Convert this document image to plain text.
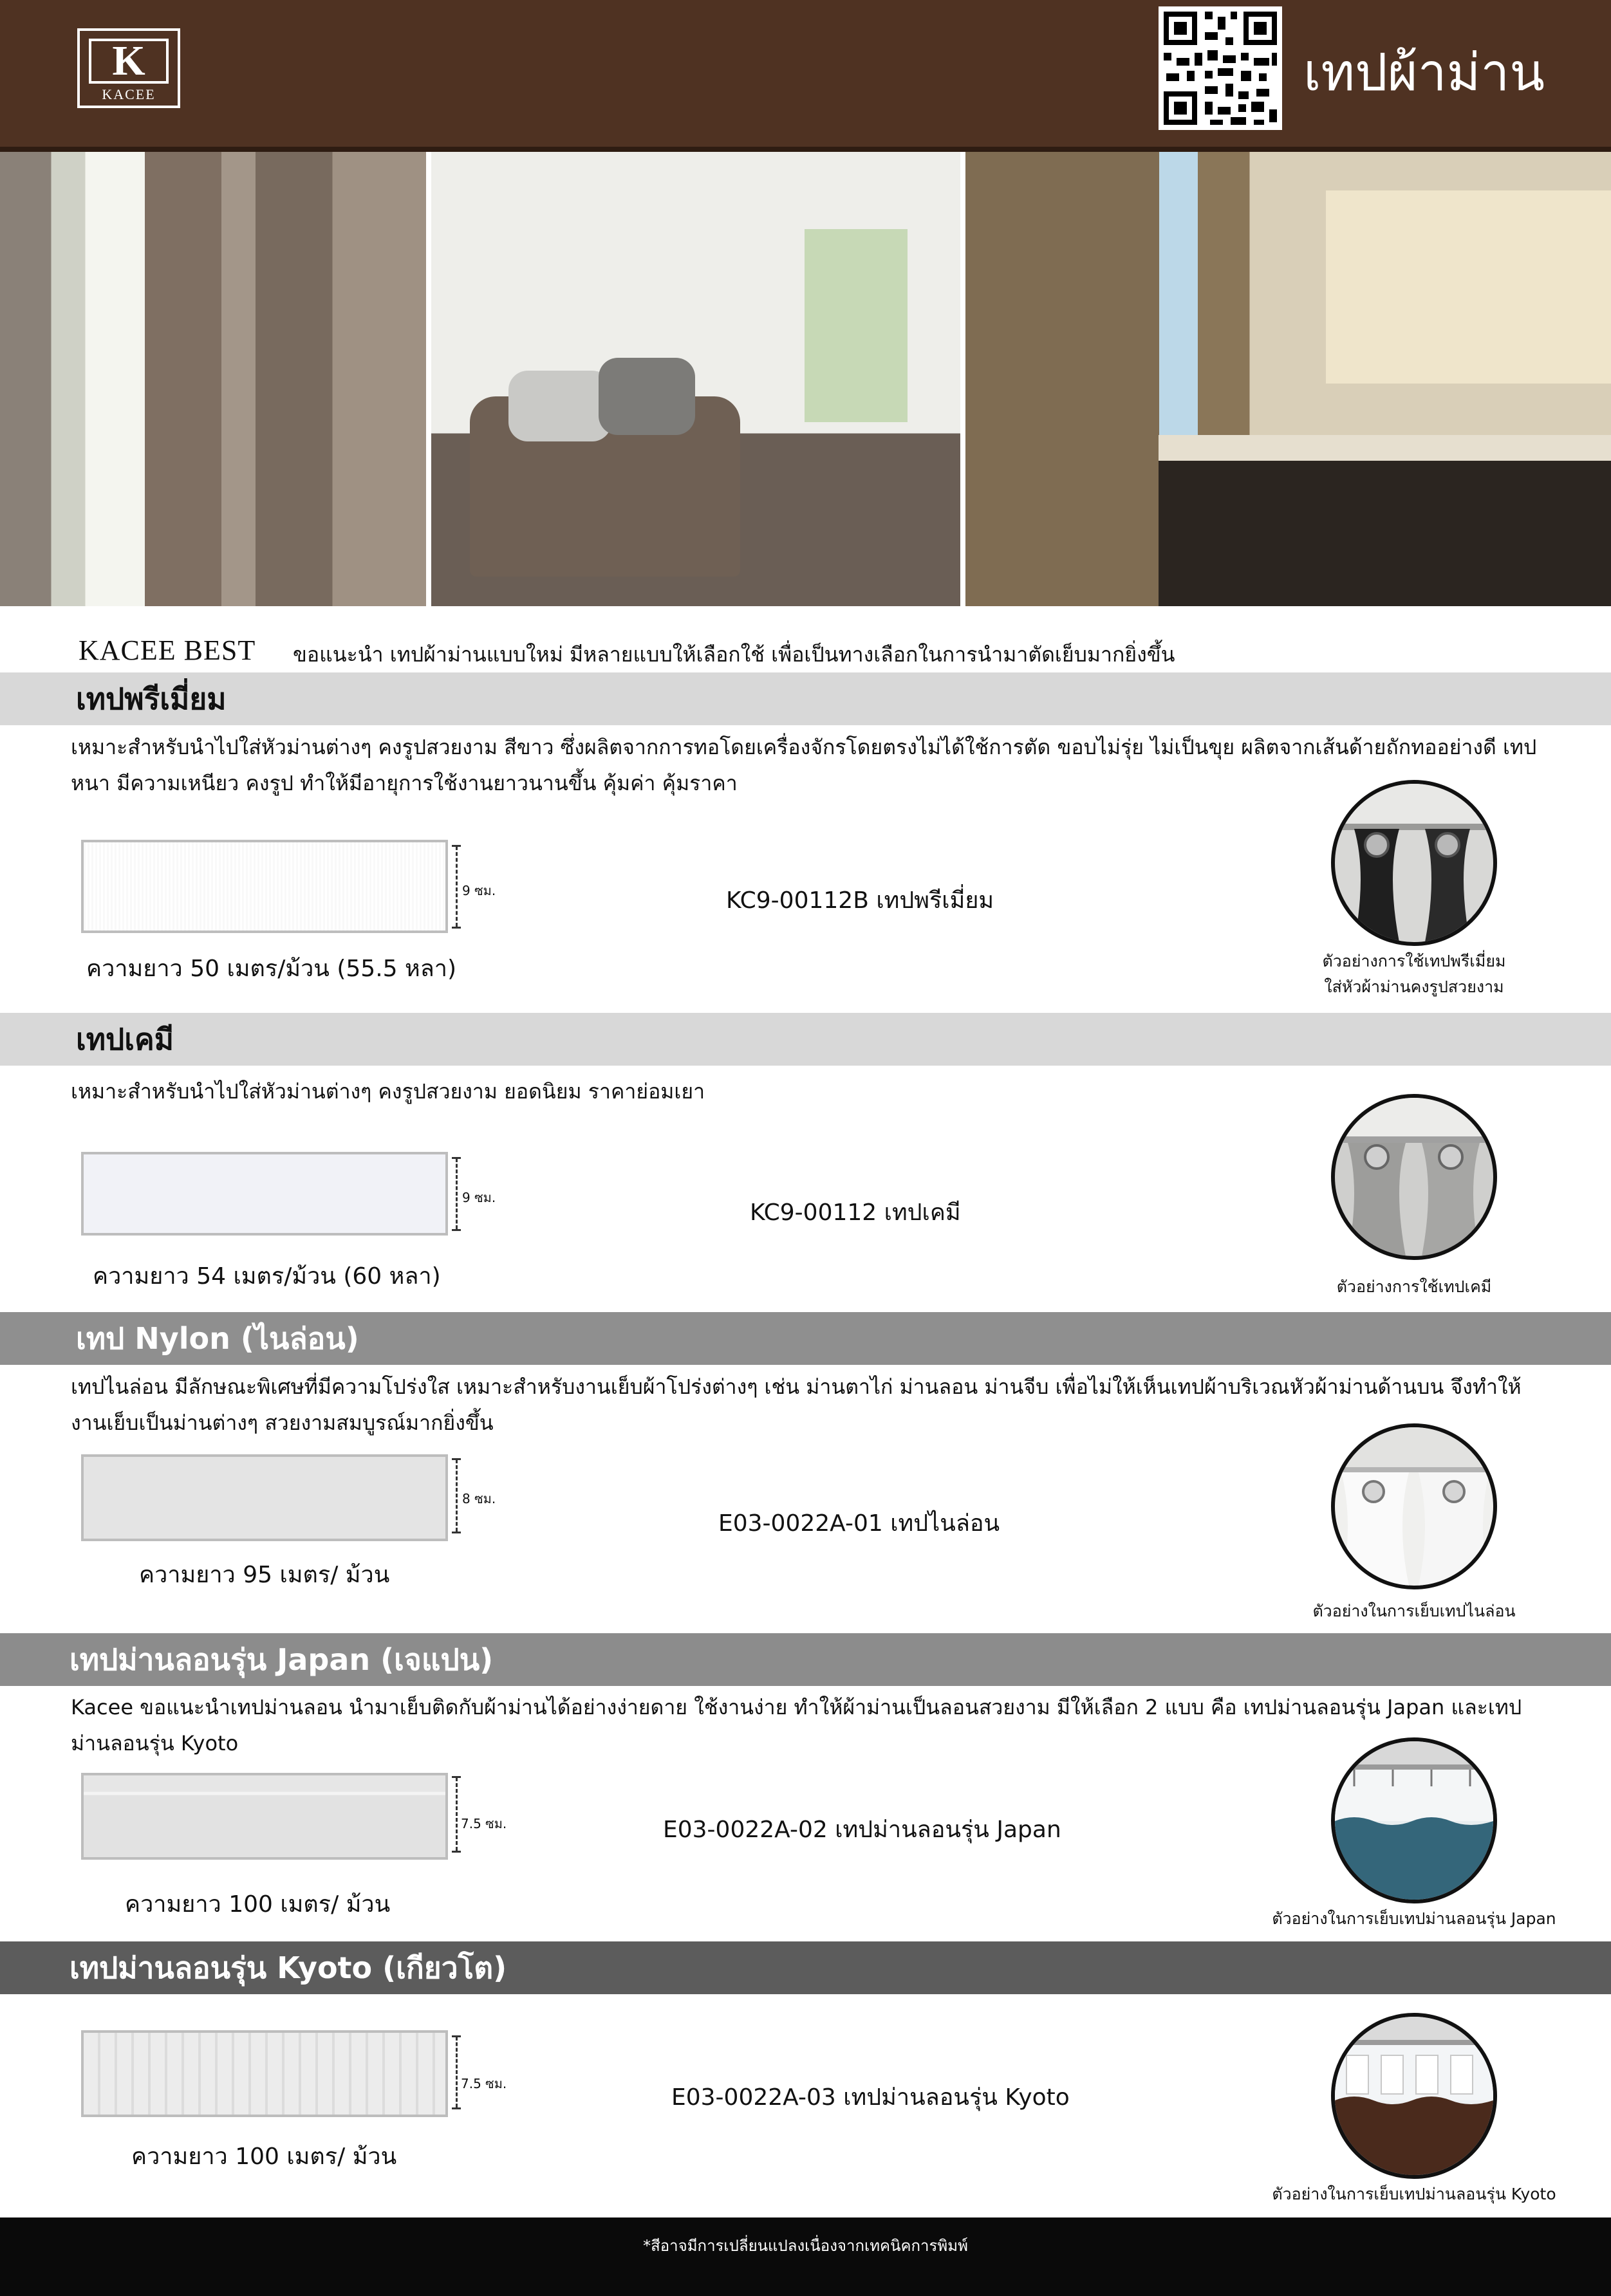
K
KACEE	เทปผ้าม่าน
KACEE BEST ขอแนะนำ เทปผ้าม่านแบบใหม่ มีหลายแบบให้เลือกใช้ เพื่อเป็นทางเลือกในการนำมาตัดเย็บมากยิ่งขึ้น
เทปพรีเมี่ยม
เหมาะสำหรับนำไปใส่หัวม่านต่างๆ คงรูปสวยงาม สีขาว ซึ่งผลิตจากการทอโดยเครื่องจักรโดยตรงไม่ได้ใช้การตัด ขอบไม่รุ่ย ไม่เป็นขุย ผลิตจากเส้นด้ายถักทออย่างดี เทปหนา มีความเหนียว คงรูป ทำให้มีอายุการใช้งานยาวนานขึ้น คุ้มค่า คุ้มราคา
9 ซม.	KC9-00112B เทปพรีเมี่ยม
ความยาว 50 เมตร/ม้วน (55.5 หลา)	ตัวอย่างการใช้เทปพรีเมี่ยม
ใส่หัวผ้าม่านคงรูปสวยงาม
เทปเคมี
เหมาะสำหรับนำไปใส่หัวม่านต่างๆ คงรูปสวยงาม ยอดนิยม ราคาย่อมเยา
9 ซม.
KC9-00112 เทปเคมี
ความยาว 54 เมตร/ม้วน (60 หลา)	ตัวอย่างการใช้เทปเคมี
เทป Nylon (ไนล่อน)
เทปไนล่อน มีลักษณะพิเศษที่มีความโปร่งใส เหมาะสำหรับงานเย็บผ้าโปร่งต่างๆ เช่น ม่านตาไก่ ม่านลอน ม่านจีบ เพื่อไม่ให้เห็นเทปผ้าบริเวณหัวผ้าม่านด้านบน จึงทำให้งานเย็บเป็นม่านต่างๆ สวยงามสมบูรณ์มากยิ่งขึ้น
8 ซม.
E03-0022A-01 เทปไนล่อน
ความยาว 95 เมตร/ ม้วน
ตัวอย่างในการเย็บเทปไนล่อน
เทปม่านลอนรุ่น Japan (เจแปน)
Kacee ขอแนะนำเทปม่านลอน นำมาเย็บติดกับผ้าม่านได้อย่างง่ายดาย ใช้งานง่าย ทำให้ผ้าม่านเป็นลอนสวยงาม มีให้เลือก 2 แบบ คือ เทปม่านลอนรุ่น Japan และเทปม่านลอนรุ่น Kyoto
7.5 ซม.	E03-0022A-02 เทปม่านลอนรุ่น Japan
ความยาว 100 เมตร/ ม้วน
ตัวอย่างในการเย็บเทปม่านลอนรุ่น Japan
เทปม่านลอนรุ่น Kyoto (เกียวโต)
7.5 ซม.
E03-0022A-03 เทปม่านลอนรุ่น Kyoto
ความยาว 100 เมตร/ ม้วน
ตัวอย่างในการเย็บเทปม่านลอนรุ่น Kyoto
*สีอาจมีการเปลี่ยนแปลงเนื่องจากเทคนิคการพิมพ์
